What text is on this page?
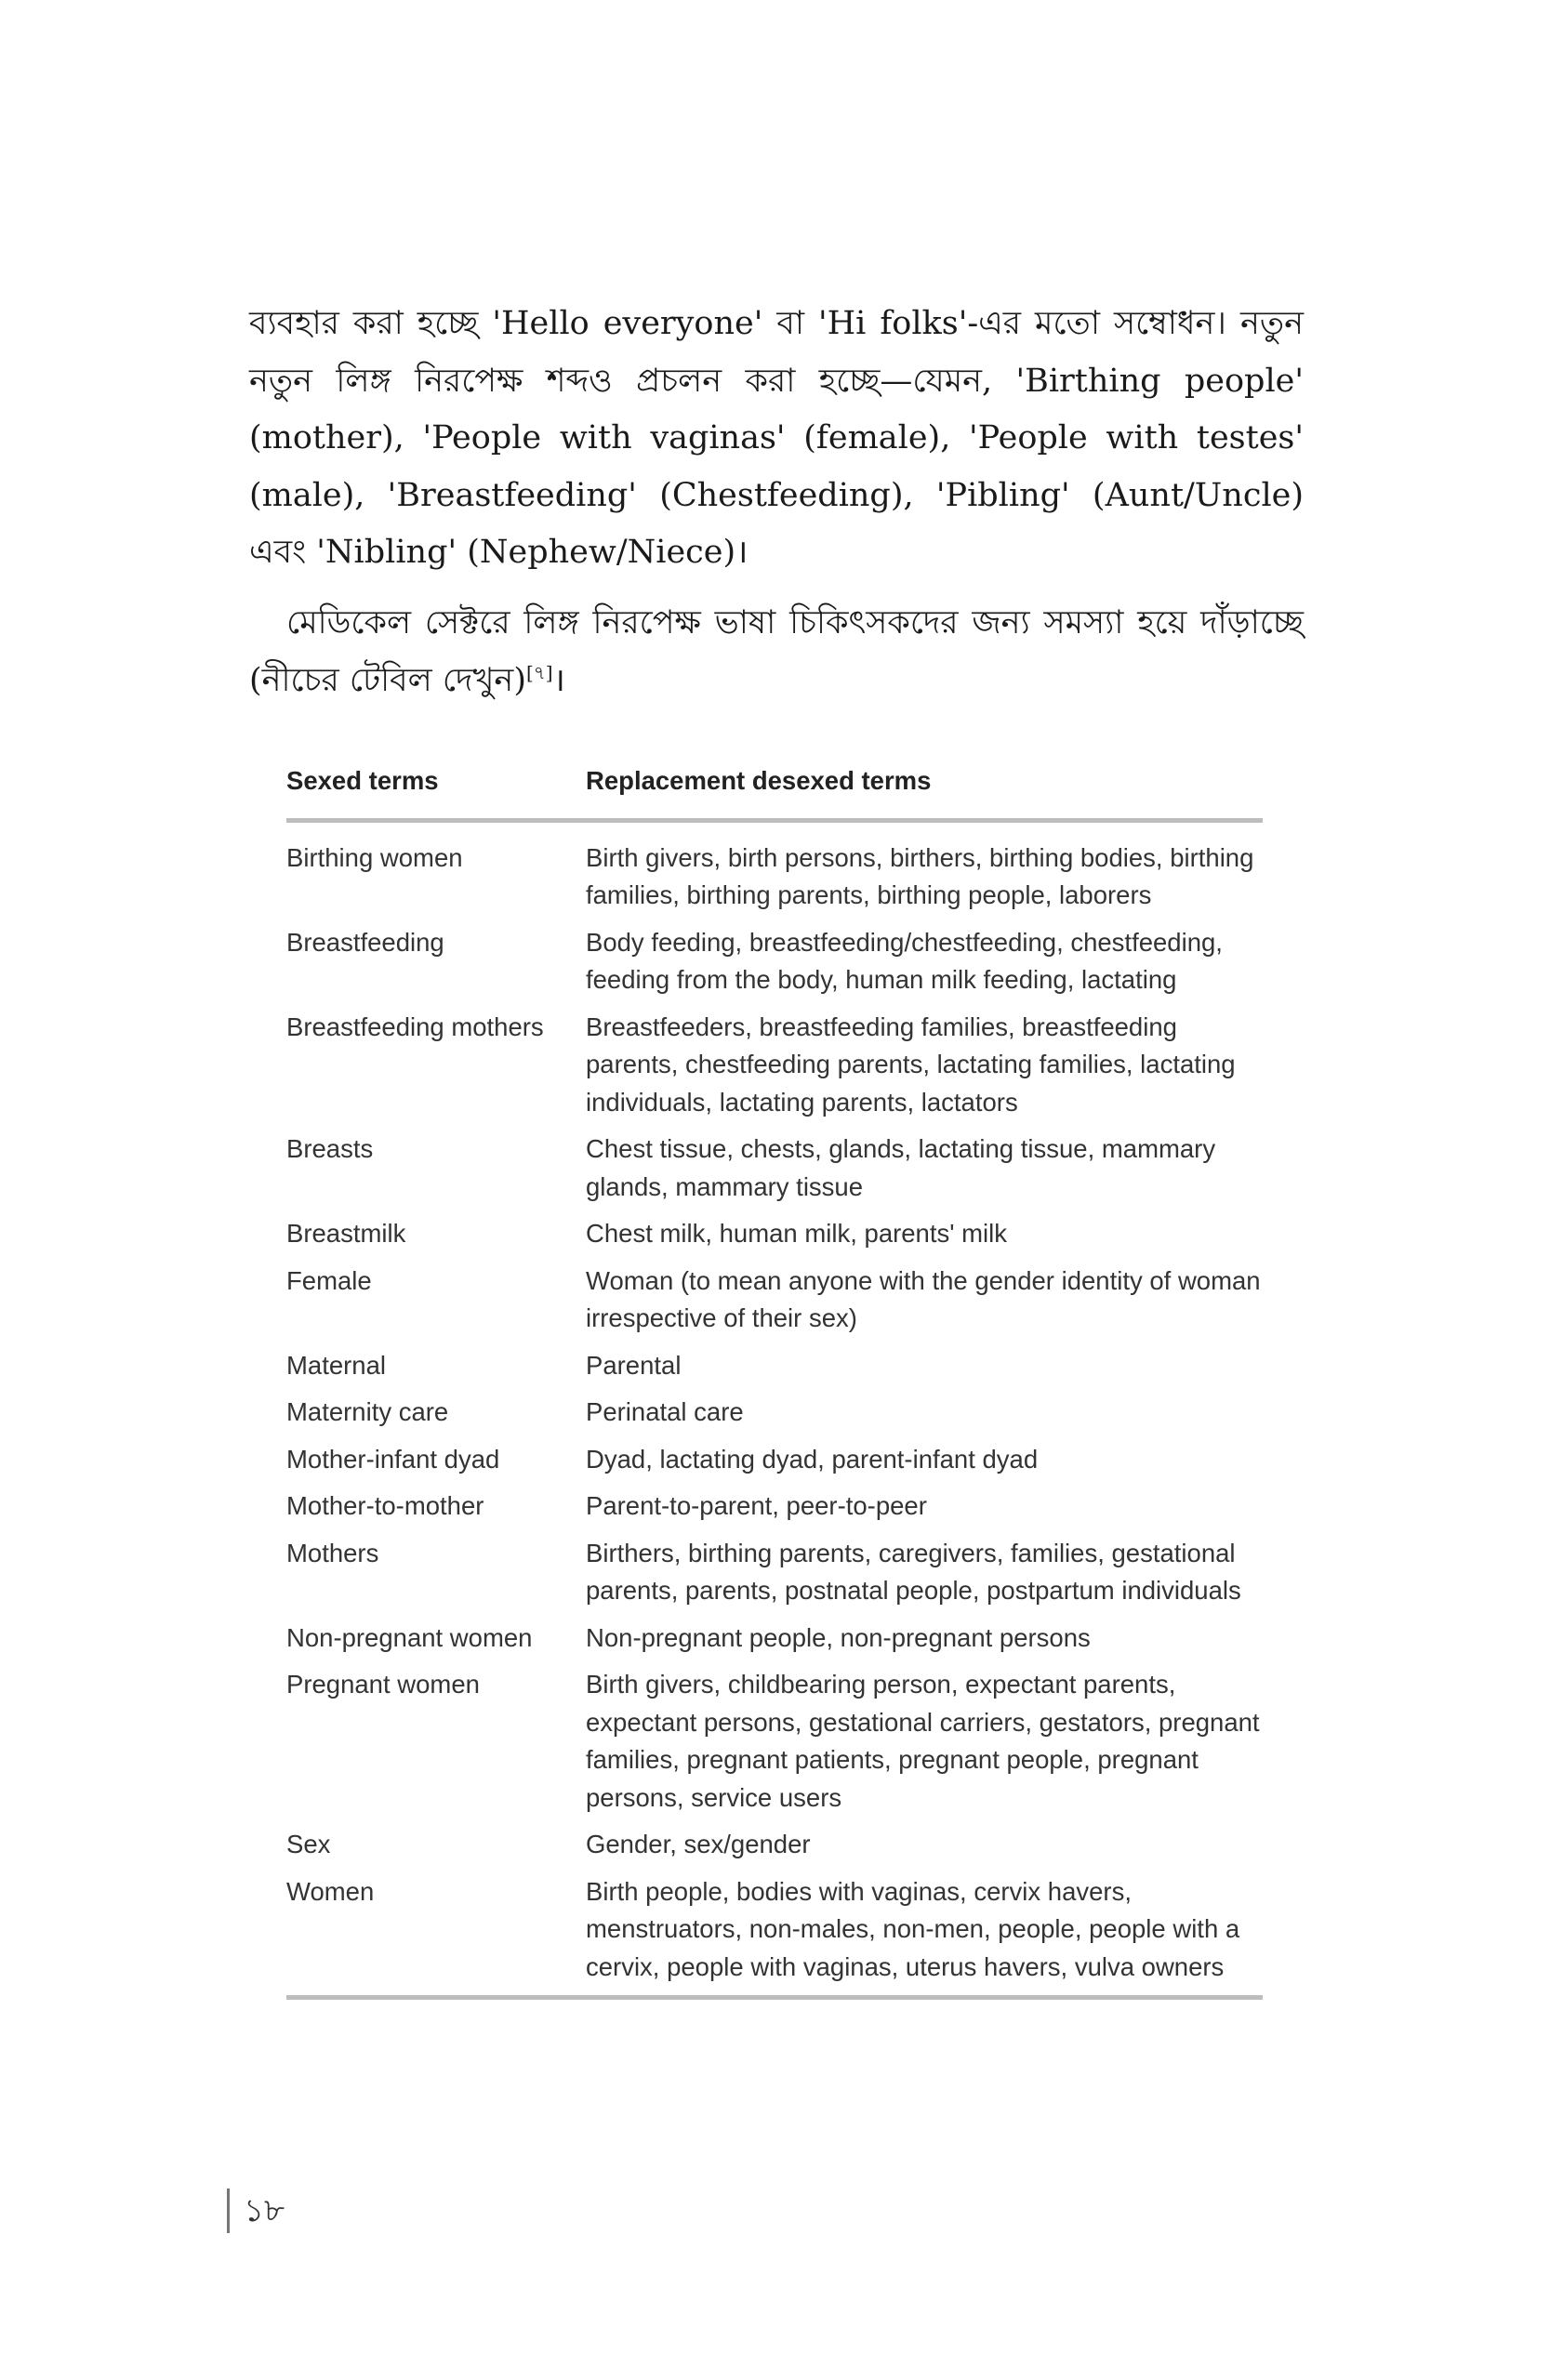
ব্যবহার করা হচ্ছে 'Hello everyone' বা 'Hi folks'-এর মতো সম্বোধন। নতুন নতুন লিঙ্গ নিরপেক্ষ শব্দও প্রচলন করা হচ্ছে—যেমন, 'Birthing people' (mother), 'People with vaginas' (female), 'People with testes' (male), 'Breastfeeding' (Chestfeeding), 'Pibling' (Aunt/Uncle) এবং 'Nibling' (Nephew/Niece)।

মেডিকেল সেক্টরে লিঙ্গ নিরপেক্ষ ভাষা চিকিৎসকদের জন্য সমস্যা হয়ে দাঁড়াচ্ছে (নীচের টেবিল দেখুন)[৭]।

Sexed terms	Replacement desexed terms
Birthing women	Birth givers, birth persons, birthers, birthing bodies, birthing families, birthing parents, birthing people, laborers
Breastfeeding	Body feeding, breastfeeding/chestfeeding, chestfeeding, feeding from the body, human milk feeding, lactating
Breastfeeding mothers	Breastfeeders, breastfeeding families, breastfeeding parents, chestfeeding parents, lactating families, lactating individuals, lactating parents, lactators
Breasts	Chest tissue, chests, glands, lactating tissue, mammary glands, mammary tissue
Breastmilk	Chest milk, human milk, parents' milk
Female	Woman (to mean anyone with the gender identity of woman irrespective of their sex)
Maternal	Parental
Maternity care	Perinatal care
Mother-infant dyad	Dyad, lactating dyad, parent-infant dyad
Mother-to-mother	Parent-to-parent, peer-to-peer
Mothers	Birthers, birthing parents, caregivers, families, gestational parents, parents, postnatal people, postpartum individuals
Non-pregnant women	Non-pregnant people, non-pregnant persons
Pregnant women	Birth givers, childbearing person, expectant parents, expectant persons, gestational carriers, gestators, pregnant families, pregnant patients, pregnant people, pregnant persons, service users
Sex	Gender, sex/gender
Women	Birth people, bodies with vaginas, cervix havers, menstruators, non-males, non-men, people, people with a cervix, people with vaginas, uterus havers, vulva owners
১৮
